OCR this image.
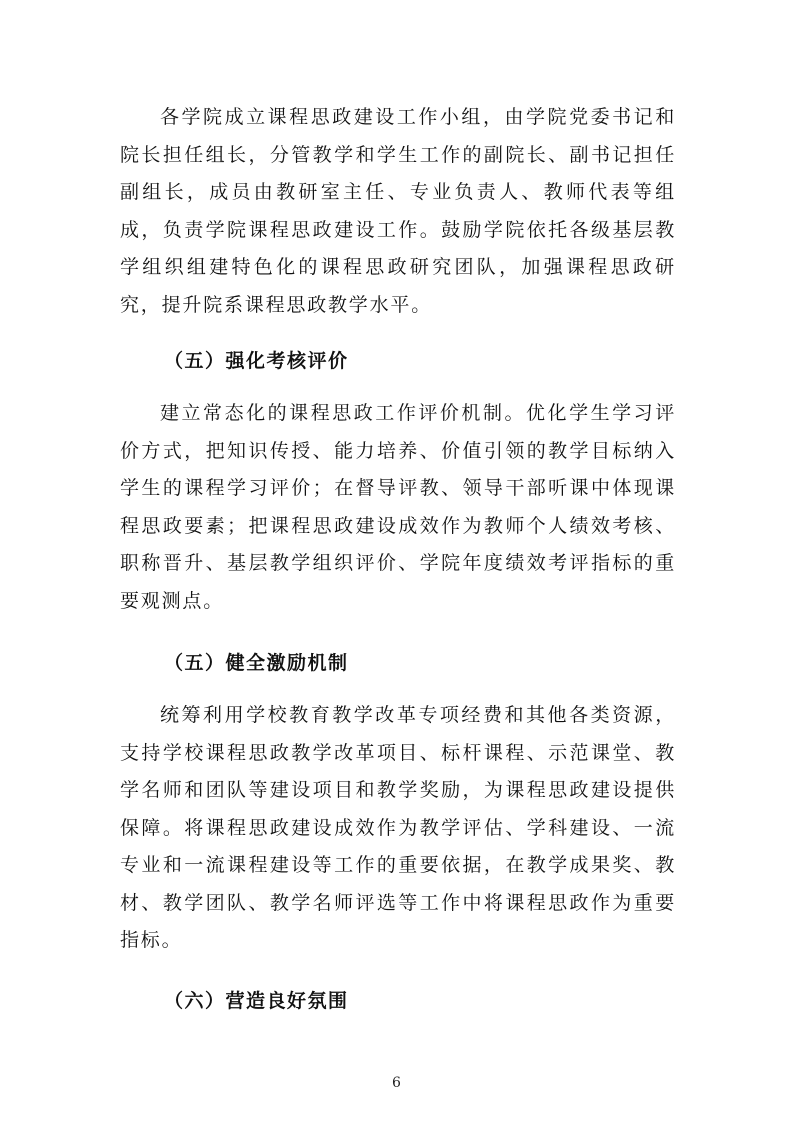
各学院成立课程思政建设工作小组，由学院党委书记和院长担任组长，分管教学和学生工作的副院长、副书记担任副组长，成员由教研室主任、专业负责人、教师代表等组成，负责学院课程思政建设工作。鼓励学院依托各级基层教学组织组建特色化的课程思政研究团队，加强课程思政研究，提升院系课程思政教学水平。

（五）强化考核评价

建立常态化的课程思政工作评价机制。优化学生学习评价方式，把知识传授、能力培养、价值引领的教学目标纳入学生的课程学习评价；在督导评教、领导干部听课中体现课程思政要素；把课程思政建设成效作为教师个人绩效考核、职称晋升、基层教学组织评价、学院年度绩效考评指标的重要观测点。

（五）健全激励机制

统筹利用学校教育教学改革专项经费和其他各类资源，支持学校课程思政教学改革项目、标杆课程、示范课堂、教学名师和团队等建设项目和教学奖励，为课程思政建设提供保障。将课程思政建设成效作为教学评估、学科建设、一流专业和一流课程建设等工作的重要依据，在教学成果奖、教材、教学团队、教学名师评选等工作中将课程思政作为重要指标。

（六）营造良好氛围

6
